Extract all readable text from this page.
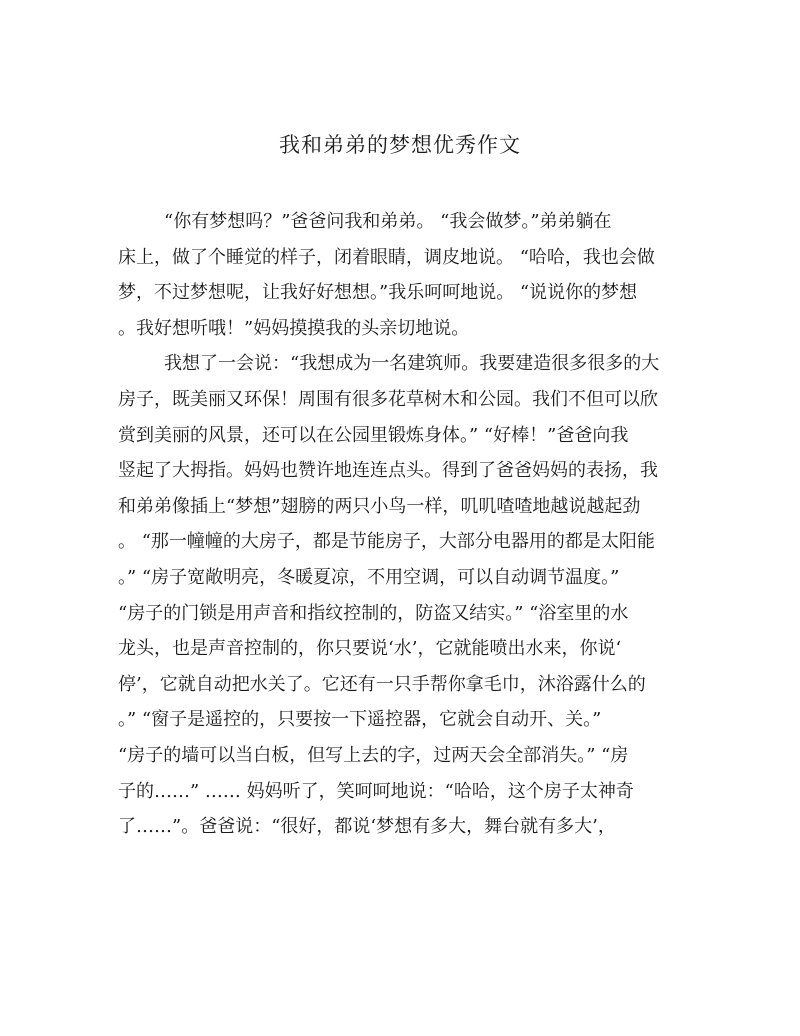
我和弟弟的梦想优秀作文
“你有梦想吗？”爸爸问我和弟弟。 “我会做梦。”弟弟躺在
床上，做了个睡觉的样子，闭着眼睛，调皮地说。 “哈哈，我也会做
梦，不过梦想呢，让我好好想想。”我乐呵呵地说。 “说说你的梦想
。我好想听哦！”妈妈摸摸我的头亲切地说。
我想了一会说：“我想成为一名建筑师。我要建造很多很多的大
房子，既美丽又环保！周围有很多花草树木和公园。我们不但可以欣
赏到美丽的风景，还可以在公园里锻炼身体。” “好棒！”爸爸向我
竖起了大拇指。妈妈也赞许地连连点头。得到了爸爸妈妈的表扬，我
和弟弟像插上“梦想”翅膀的两只小鸟一样，叽叽喳喳地越说越起劲
。 “那一幢幢的大房子，都是节能房子，大部分电器用的都是太阳能
。” “房子宽敞明亮，冬暖夏凉，不用空调，可以自动调节温度。”
“房子的门锁是用声音和指纹控制的，防盗又结实。” “浴室里的水
龙头，也是声音控制的，你只要说‘水’，它就能喷出水来，你说‘
停’，它就自动把水关了。它还有一只手帮你拿毛巾，沐浴露什么的
。” “窗子是遥控的，只要按一下遥控器，它就会自动开、关。”
“房子的墙可以当白板，但写上去的字，过两天会全部消失。” “房
子的……” …… 妈妈听了，笑呵呵地说：“哈哈，这个房子太神奇
了……”。爸爸说：“很好，都说‘梦想有多大，舞台就有多大’，
